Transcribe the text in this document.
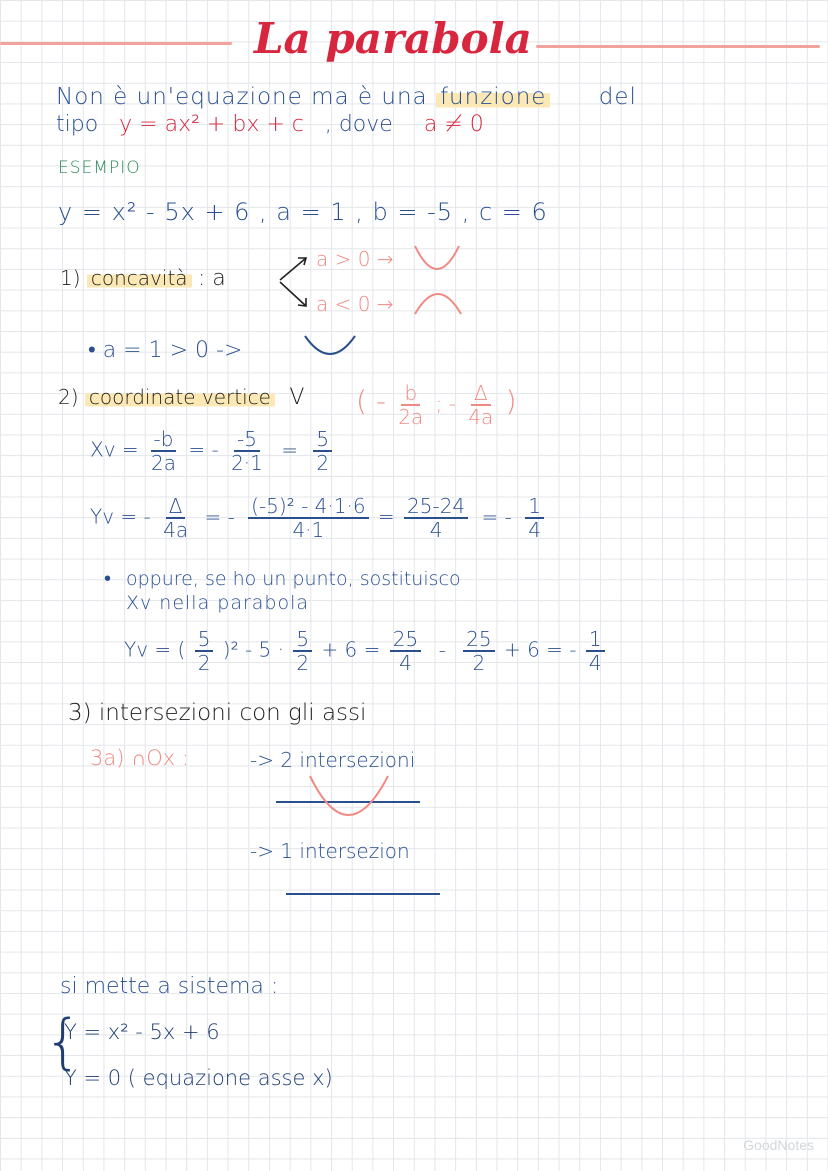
La parabola
Non è un'equazione ma è una funzione del
tipo y = ax² + bx + c , dove a ≠ 0
ESEMPIO
y = x² - 5x + 6 , a = 1 , b = -5 , c = 6
1) concavità : a
a > 0 →
a < 0 →
• a = 1 > 0 ->
2) coordinate vertice V ( - $\frac{b}{2a}$ ; - $\frac{\Delta}{4a}$ )
$Xv = \frac{-b}{2a}$ = - $\frac{-5}{2\cdot 1} = \frac{5}{2}$
Yv = - $\frac{\Delta}{4a}$ = - $\frac{\text{(-5)² - 4·1·6}}{4\cdot 1} = \frac{25-24}{4}$ = - $\frac{1}{4}$
• oppure, se ho un punto, sostituisco
Xv nella parabola
Yv = ( $\frac{5}{2} )^2 - 5 \cdot \frac{5}{2} + 6 = \frac{25}{4} - \frac{25}{2} + 6$ = - $\frac{1}{4}$
3) intersezioni con gli assi
3a) ∩Ox :	-> 2 intersezioni
-> 1 intersezion
si mette a sistema :
{
Y = x² - 5x + 6
Y = 0 ( equazione asse x)
GoodNotes
